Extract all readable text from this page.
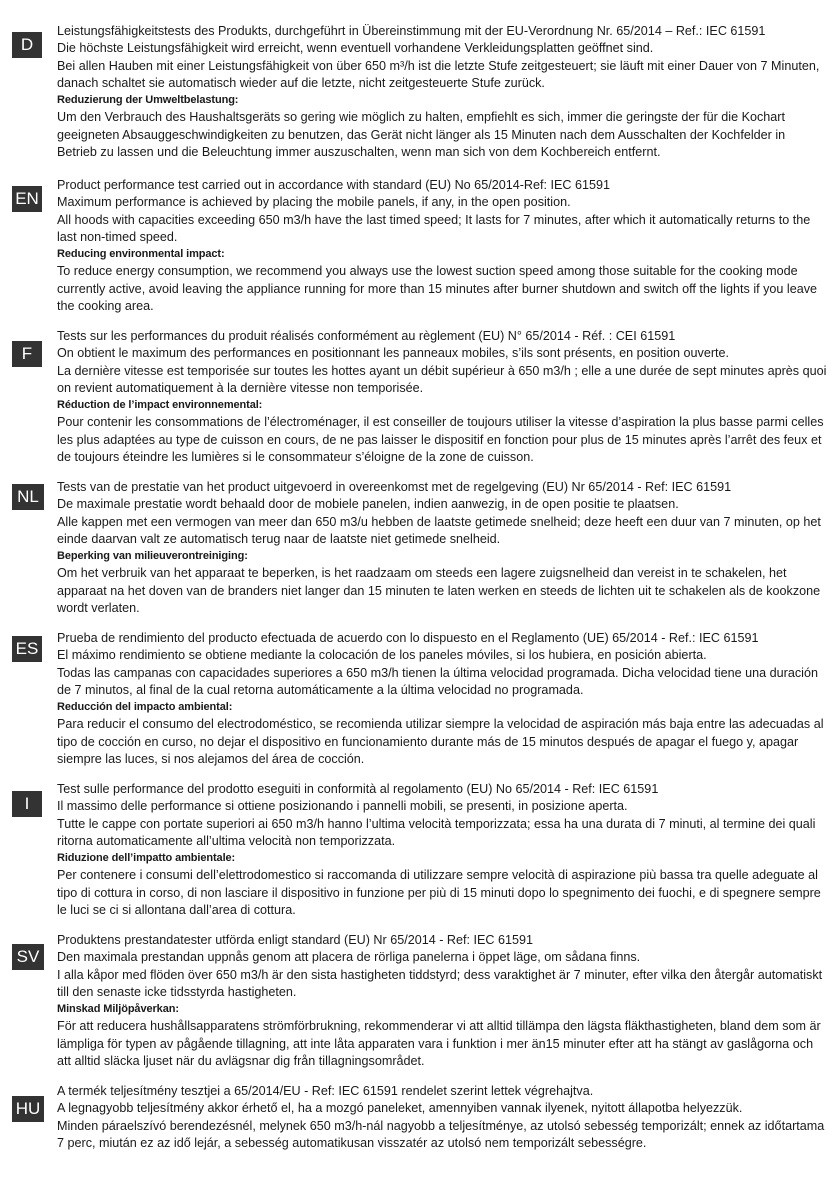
D

Leistungsfähigkeitstests des Produkts, durchgeführt in Übereinstimmung mit der EU-Verordnung Nr. 65/2014 – Ref.: IEC 61591

Die höchste Leistungsfähigkeit wird erreicht, wenn eventuell vorhandene Verkleidungsplatten geöffnet sind.

Bei allen Hauben mit einer Leistungsfähigkeit von über 650 m³/h ist die letzte Stufe zeitgesteuert; sie läuft mit einer Dauer von 7 Minuten, danach schaltet sie automatisch wieder auf die letzte, nicht zeitgesteuerte Stufe zurück.

Reduzierung der Umweltbelastung:

Um den Verbrauch des Haushaltsgeräts so gering wie möglich zu halten, empfiehlt es sich, immer die geringste der für die Kochart geeigneten Absauggeschwindigkeiten zu benutzen, das Gerät nicht länger als 15 Minuten nach dem Ausschalten der Kochfelder in Betrieb zu lassen und die Beleuchtung immer auszuschalten, wenn man sich von dem Kochbereich entfernt.

EN

Product performance test carried out in accordance with standard (EU) No 65/2014-Ref: IEC 61591

Maximum performance is achieved by placing the mobile panels, if any, in the open position.

All hoods with capacities exceeding 650 m3/h have the last timed speed; It lasts for 7 minutes, after which it automatically returns to the last non-timed speed.

Reducing environmental impact:

To reduce energy consumption, we recommend you always use the lowest suction speed among those suitable for the cooking mode currently active, avoid leaving the appliance running for more than 15 minutes after burner shutdown and switch off the lights if you leave the cooking area.

F

Tests sur les performances du produit réalisés conformément au règlement (EU) N° 65/2014 - Réf. : CEI 61591

On obtient le maximum des performances en positionnant les panneaux mobiles, s’ils sont présents, en position ouverte.

La dernière vitesse est temporisée sur toutes les hottes ayant un débit supérieur à 650 m3/h ; elle a une durée de sept minutes après quoi on revient automatiquement à la dernière vitesse non temporisée.

Réduction de l’impact environnemental:

Pour contenir les consommations de l’électroménager, il est conseiller de toujours utiliser la vitesse d’aspiration la plus basse parmi celles les plus adaptées au type de cuisson en cours, de ne pas laisser le dispositif en fonction pour plus de 15 minutes après l’arrêt des feux et de toujours éteindre les lumières si le consommateur s’éloigne de la zone de cuisson.

NL	Tests van de prestatie van het product uitgevoerd in overeenkomst met de regelgeving (EU) Nr 65/2014 - Ref: IEC 61591

De maximale prestatie wordt behaald door de mobiele panelen, indien aanwezig, in de open positie te plaatsen.

Alle kappen met een vermogen van meer dan 650 m3/u hebben de laatste getimede snelheid; deze heeft een duur van 7 minuten, op het einde daarvan valt ze automatisch terug naar de laatste niet getimede snelheid.

Beperking van milieuverontreiniging:

Om het verbruik van het apparaat te beperken, is het raadzaam om steeds een lagere zuigsnelheid dan vereist in te schakelen, het apparaat na het doven van de branders niet langer dan 15 minuten te laten werken en steeds de lichten uit te schakelen als de kookzone wordt verlaten.

ES

Prueba de rendimiento del producto efectuada de acuerdo con lo dispuesto en el Reglamento (UE) 65/2014 - Ref.: IEC 61591

El máximo rendimiento se obtiene mediante la colocación de los paneles móviles, si los hubiera, en posición abierta.

Todas las campanas con capacidades superiores a 650 m3/h tienen la última velocidad programada. Dicha velocidad tiene una duración de 7 minutos, al final de la cual retorna automáticamente a la última velocidad no programada.

Reducción del impacto ambiental:

Para reducir el consumo del electrodoméstico, se recomienda utilizar siempre la velocidad de aspiración más baja entre las adecuadas al tipo de cocción en curso, no dejar el dispositivo en funcionamiento durante más de 15 minutos después de apagar el fuego y, apagar siempre las luces, si nos alejamos del área de cocción.

I

Test sulle performance del prodotto eseguiti in conformità al regolamento (EU) No 65/2014 - Ref: IEC 61591

Il massimo delle performance si ottiene posizionando i pannelli mobili, se presenti, in posizione aperta.

Tutte le cappe con portate superiori ai 650 m3/h hanno l’ultima velocità temporizzata; essa ha una durata di 7 minuti, al termine dei quali ritorna automaticamente all’ultima velocità non temporizzata.

Riduzione dell’impatto ambientale:

Per contenere i consumi dell’elettrodomestico si raccomanda di utilizzare sempre velocità di aspirazione più bassa tra quelle adeguate al tipo di cottura in corso, di non lasciare il dispositivo in funzione per più di 15 minuti dopo lo spegnimento dei fuochi, e di spegnere sempre le luci se ci si allontana dall’area di cottura.

SV

Produktens prestandatester utförda enligt standard (EU) Nr 65/2014 - Ref: IEC 61591

Den maximala prestandan uppnås genom att placera de rörliga panelerna i öppet läge, om sådana finns.

I alla kåpor med flöden över 650 m3/h är den sista hastigheten tiddstyrd; dess varaktighet är 7 minuter, efter vilka den återgår automatiskt till den senaste icke tidsstyrda hastigheten.

Minskad Miljöpåverkan:

För att reducera hushållsapparatens strömförbrukning, rekommenderar vi att alltid tillämpa den lägsta fläkthastigheten, bland dem som är lämpliga för typen av pågående tillagning, att inte låta apparaten vara i funktion i mer än15 minuter efter att ha stängt av gaslågorna och att alltid släcka ljuset när du avlägsnar dig från tillagningsområdet.

HU

A termék teljesítmény tesztjei a 65/2014/EU - Ref: IEC 61591 rendelet szerint lettek végrehajtva.

A legnagyobb teljesítmény akkor érhető el, ha a mozgó paneleket, amennyiben vannak ilyenek, nyitott állapotba helyezzük.

Minden páraelszívó berendezésnél, melynek 650 m3/h-nál nagyobb a teljesítménye, az utolsó sebesség temporizált; ennek az időtartama 7 perc, miután ez az idő lejár, a sebesség automatikusan visszatér az utolsó nem temporizált sebességre.
